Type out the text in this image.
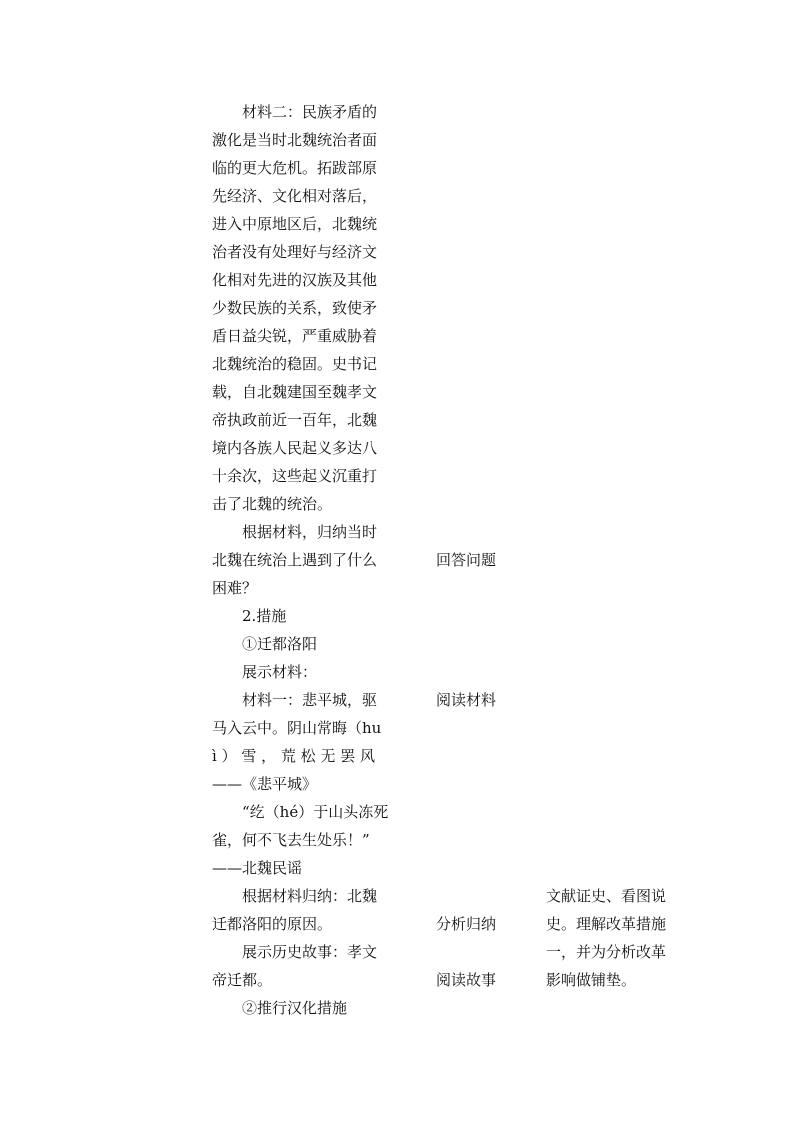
材料二：民族矛盾的
激化是当时北魏统治者面
临的更大危机。拓跋部原
先经济、文化相对落后，
进入中原地区后，北魏统
治者没有处理好与经济文
化相对先进的汉族及其他
少数民族的关系，致使矛
盾日益尖锐，严重威胁着
北魏统治的稳固。史书记
载，自北魏建国至魏孝文
帝执政前近一百年，北魏
境内各族人民起义多达八
十余次，这些起义沉重打
击了北魏的统治。
根据材料，归纳当时
北魏在统治上遇到了什么
困难？
2.措施
①迁都洛阳
展示材料：
材料一：悲平城，驱
马入云中。阴山常晦（hu
ì ） 雪 ， 荒 松 无 罢 风
——《悲平城》
“纥（hé）于山头冻死
雀，何不飞去生处乐！”
——北魏民谣
根据材料归纳：北魏
迁都洛阳的原因。
展示历史故事：孝文
帝迁都。
②推行汉化措施
回答问题
阅读材料
分析归纳
阅读故事
文献证史、看图说
史。理解改革措施
一，并为分析改革
影响做铺垫。
